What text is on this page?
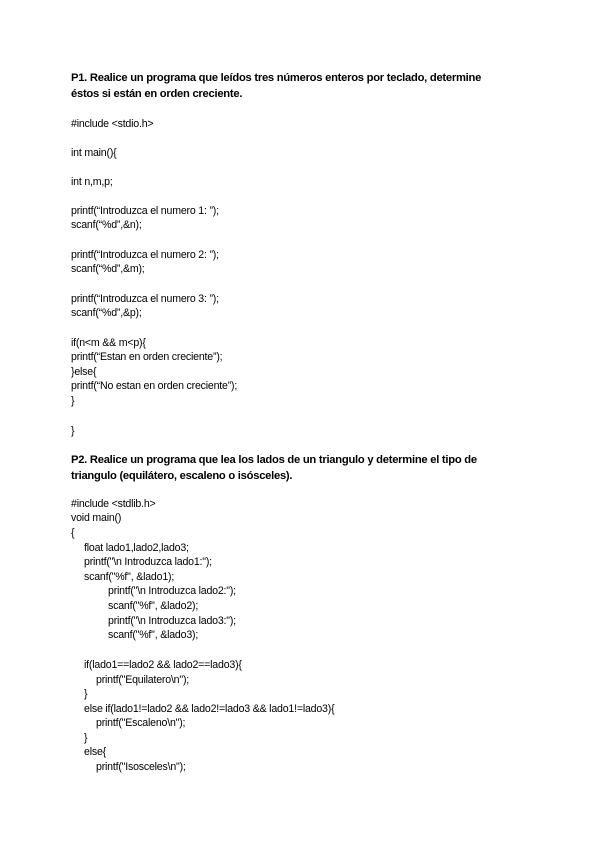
P1. Realice un programa que leídos tres números enteros por teclado, determine
éstos si están en orden creciente.
#include <stdio.h>
int main(){
int n,m,p;
printf(“Introduzca el numero 1: ”);
scanf(“%d”,&n);
printf(“Introduzca el numero 2: ”);
scanf(“%d”,&m);
printf(“Introduzca el numero 3: ”);
scanf(“%d”,&p);
if(n<m && m<p){
printf(“Estan en orden creciente”);
}else{
printf(“No estan en orden creciente”);
}
}
P2. Realice un programa que lea los lados de un triangulo y determine el tipo de
triangulo (equilátero, escaleno o isósceles).
#include <stdlib.h>
void main()
{
float lado1,lado2,lado3;
printf("\n Introduzca lado1:");
scanf("%f", &lado1);
printf("\n Introduzca lado2:");
scanf("%f", &lado2);
printf("\n Introduzca lado3:");
scanf("%f", &lado3);
if(lado1==lado2 && lado2==lado3){
printf("Equilatero\n");
}
else if(lado1!=lado2 && lado2!=lado3 && lado1!=lado3){
printf("Escaleno\n");
}
else{
printf("Isosceles\n");
